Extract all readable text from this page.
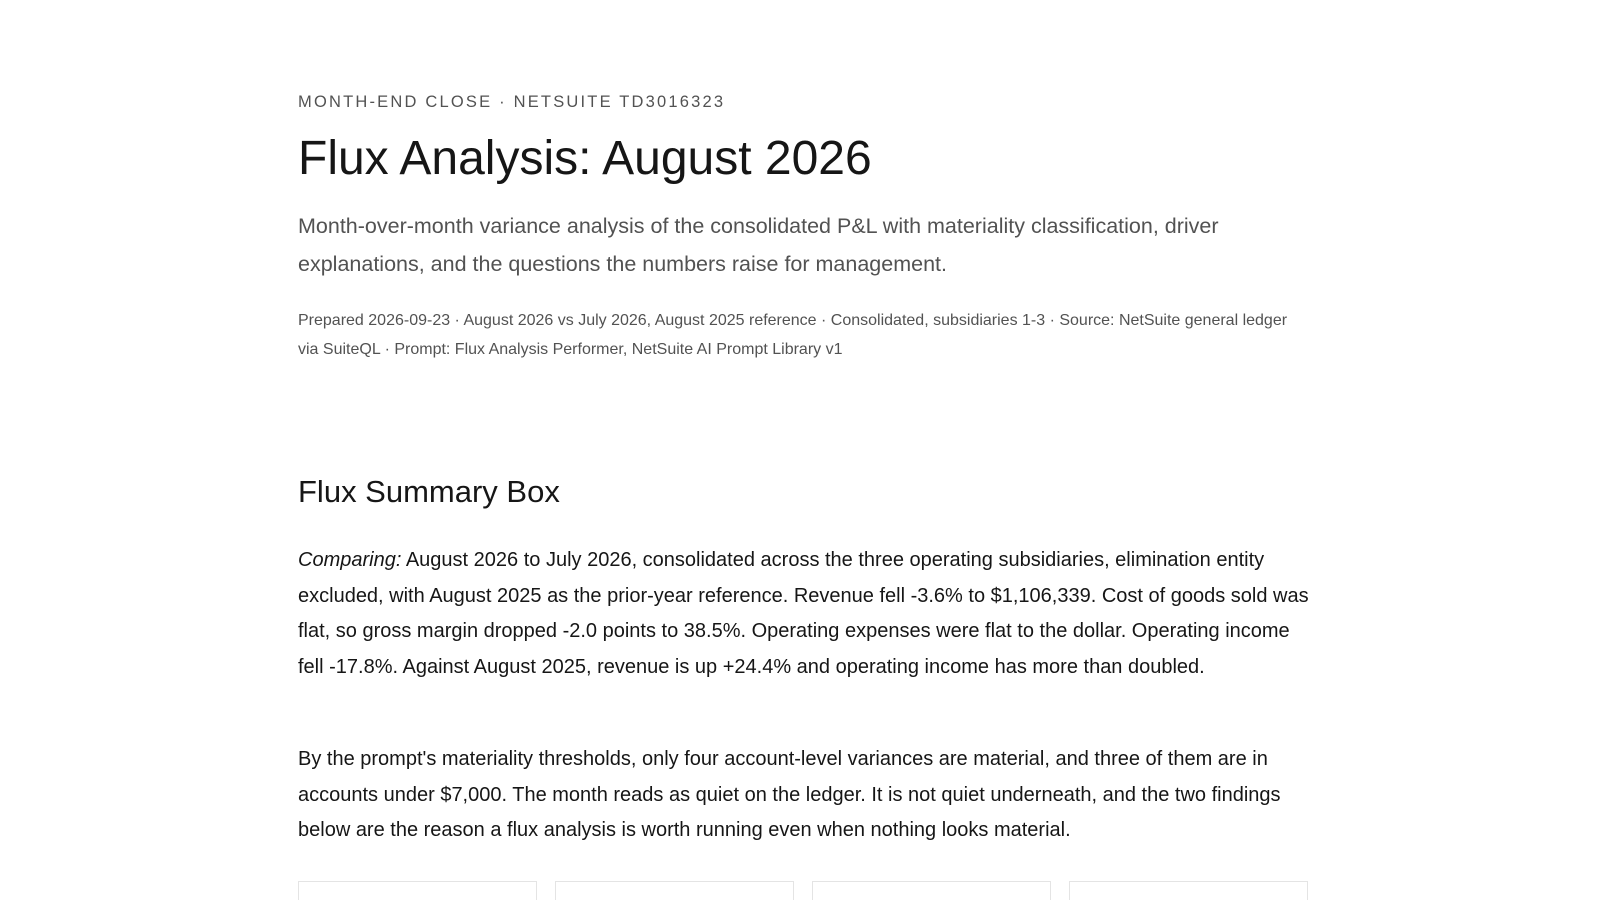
MONTH-END CLOSE · NETSUITE TD3016323
Flux Analysis: August 2026

Month-over-month variance analysis of the consolidated P&L with materiality classification, driver explanations, and the questions the numbers raise for management.

Prepared 2026-09-23 · August 2026 vs July 2026, August 2025 reference · Consolidated, subsidiaries 1-3 · Source: NetSuite general ledger via SuiteQL · Prompt: Flux Analysis Performer, NetSuite AI Prompt Library v1

Flux Summary Box

Comparing: August 2026 to July 2026, consolidated across the three operating subsidiaries, elimination entity excluded, with August 2025 as the prior-year reference. Revenue fell -3.6% to $1,106,339. Cost of goods sold was flat, so gross margin dropped -2.0 points to 38.5%. Operating expenses were flat to the dollar. Operating income fell -17.8%. Against August 2025, revenue is up +24.4% and operating income has more than doubled.

By the prompt's materiality thresholds, only four account-level variances are material, and three of them are in accounts under $7,000. The month reads as quiet on the ledger. It is not quiet underneath, and the two findings below are the reason a flux analysis is worth running even when nothing looks material.
